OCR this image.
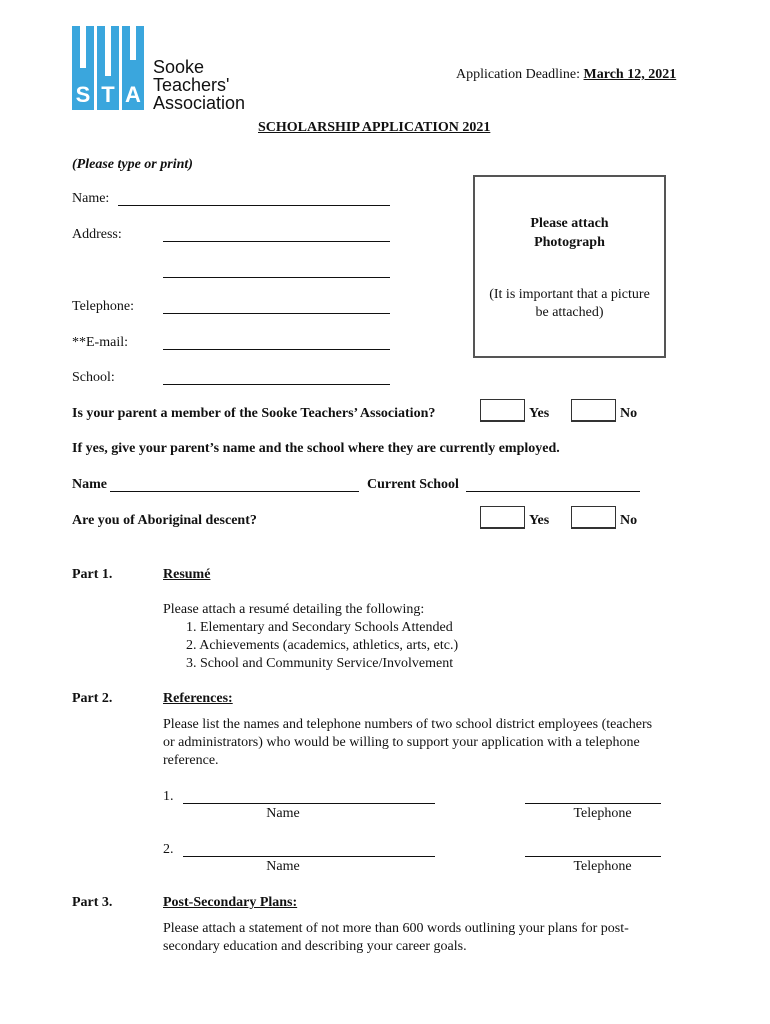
S T A
Sooke
Teachers'
Association
Application Deadline: March 12, 2021
SCHOLARSHIP APPLICATION 2021
(Please type or print)
Name:
Address:
Telephone:
**E-mail:
School:
Please attach
Photograph
(It is important that a picture
be attached)
Is your parent a member of the Sooke Teachers’ Association?	Yes	No
If yes, give your parent’s name and the school where they are currently employed.
Name	Current School
Are you of Aboriginal descent?	Yes	No
Part 1.	Resumé
Please attach a resumé detailing the following:
1. Elementary and Secondary Schools Attended
2. Achievements (academics, athletics, arts, etc.)
3. School and Community Service/Involvement
Part 2.	References:
Please list the names and telephone numbers of two school district employees (teachers
or administrators) who would be willing to support your application with a telephone
reference.
1.
Name	Telephone
2.
Name	Telephone
Part 3.	Post-Secondary Plans:
Please attach a statement of not more than 600 words outlining your plans for post-
secondary education and describing your career goals.
